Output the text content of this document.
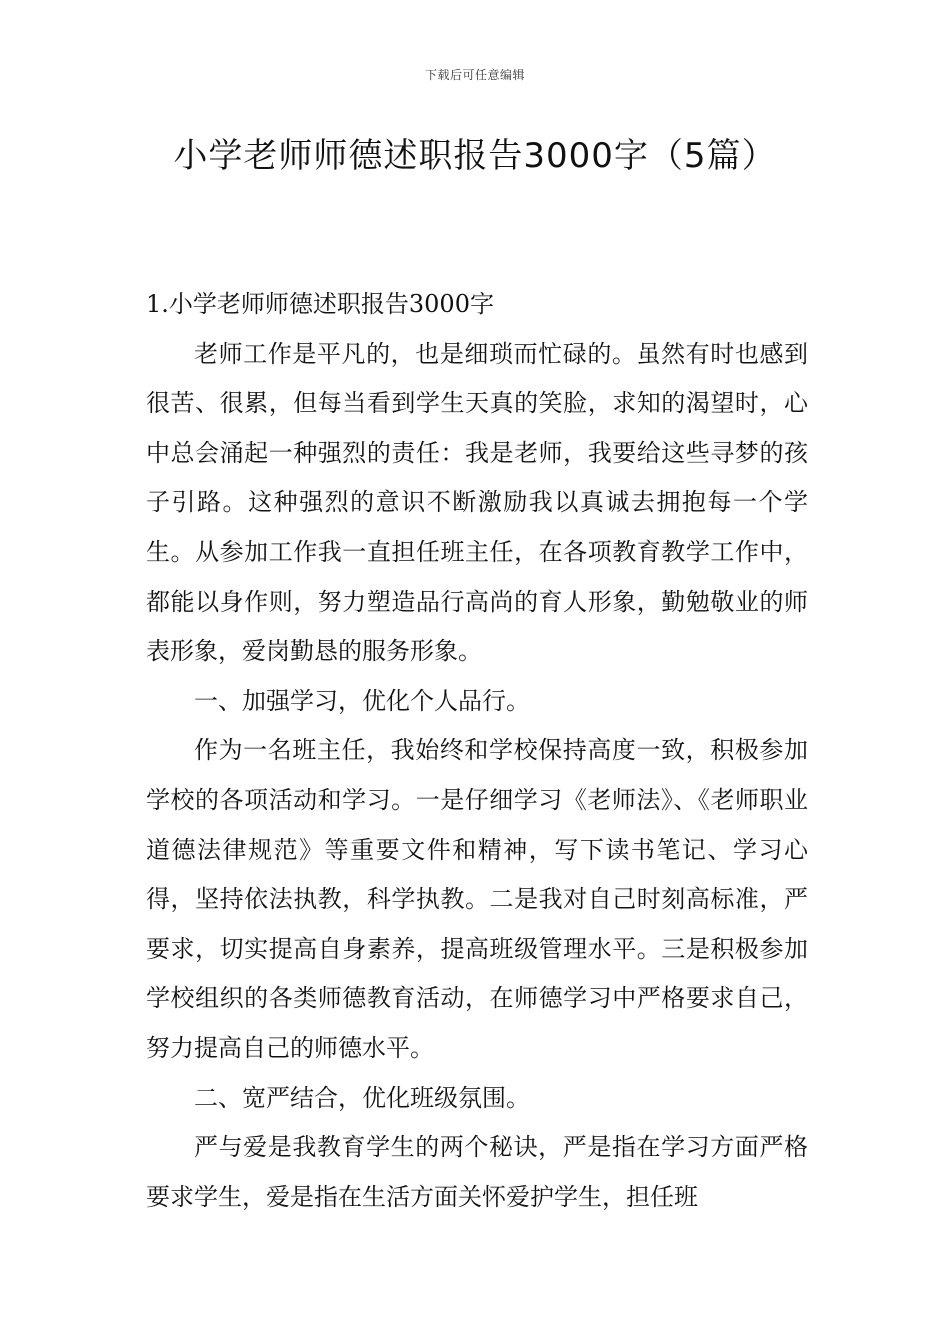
下载后可任意编辑
小学老师师德述职报告3000字（5篇）

1.小学老师师德述职报告3000字

老师工作是平凡的，也是细琐而忙碌的。虽然有时也感到很苦、很累，但每当看到学生天真的笑脸，求知的渴望时，心中总会涌起一种强烈的责任：我是老师，我要给这些寻梦的孩子引路。这种强烈的意识不断激励我以真诚去拥抱每一个学生。从参加工作我一直担任班主任，在各项教育教学工作中，都能以身作则，努力塑造品行高尚的育人形象，勤勉敬业的师表形象，爱岗勤恳的服务形象。

一、加强学习，优化个人品行。

作为一名班主任，我始终和学校保持高度一致，积极参加学校的各项活动和学习。一是仔细学习《老师法》、《老师职业道德法律规范》等重要文件和精神，写下读书笔记、学习心得，坚持依法执教，科学执教。二是我对自己时刻高标准，严要求，切实提高自身素养，提高班级管理水平。三是积极参加学校组织的各类师德教育活动，在师德学习中严格要求自己，努力提高自己的师德水平。

二、宽严结合，优化班级氛围。

严与爱是我教育学生的两个秘诀，严是指在学习方面严格要求学生，爱是指在生活方面关怀爱护学生，担任班
